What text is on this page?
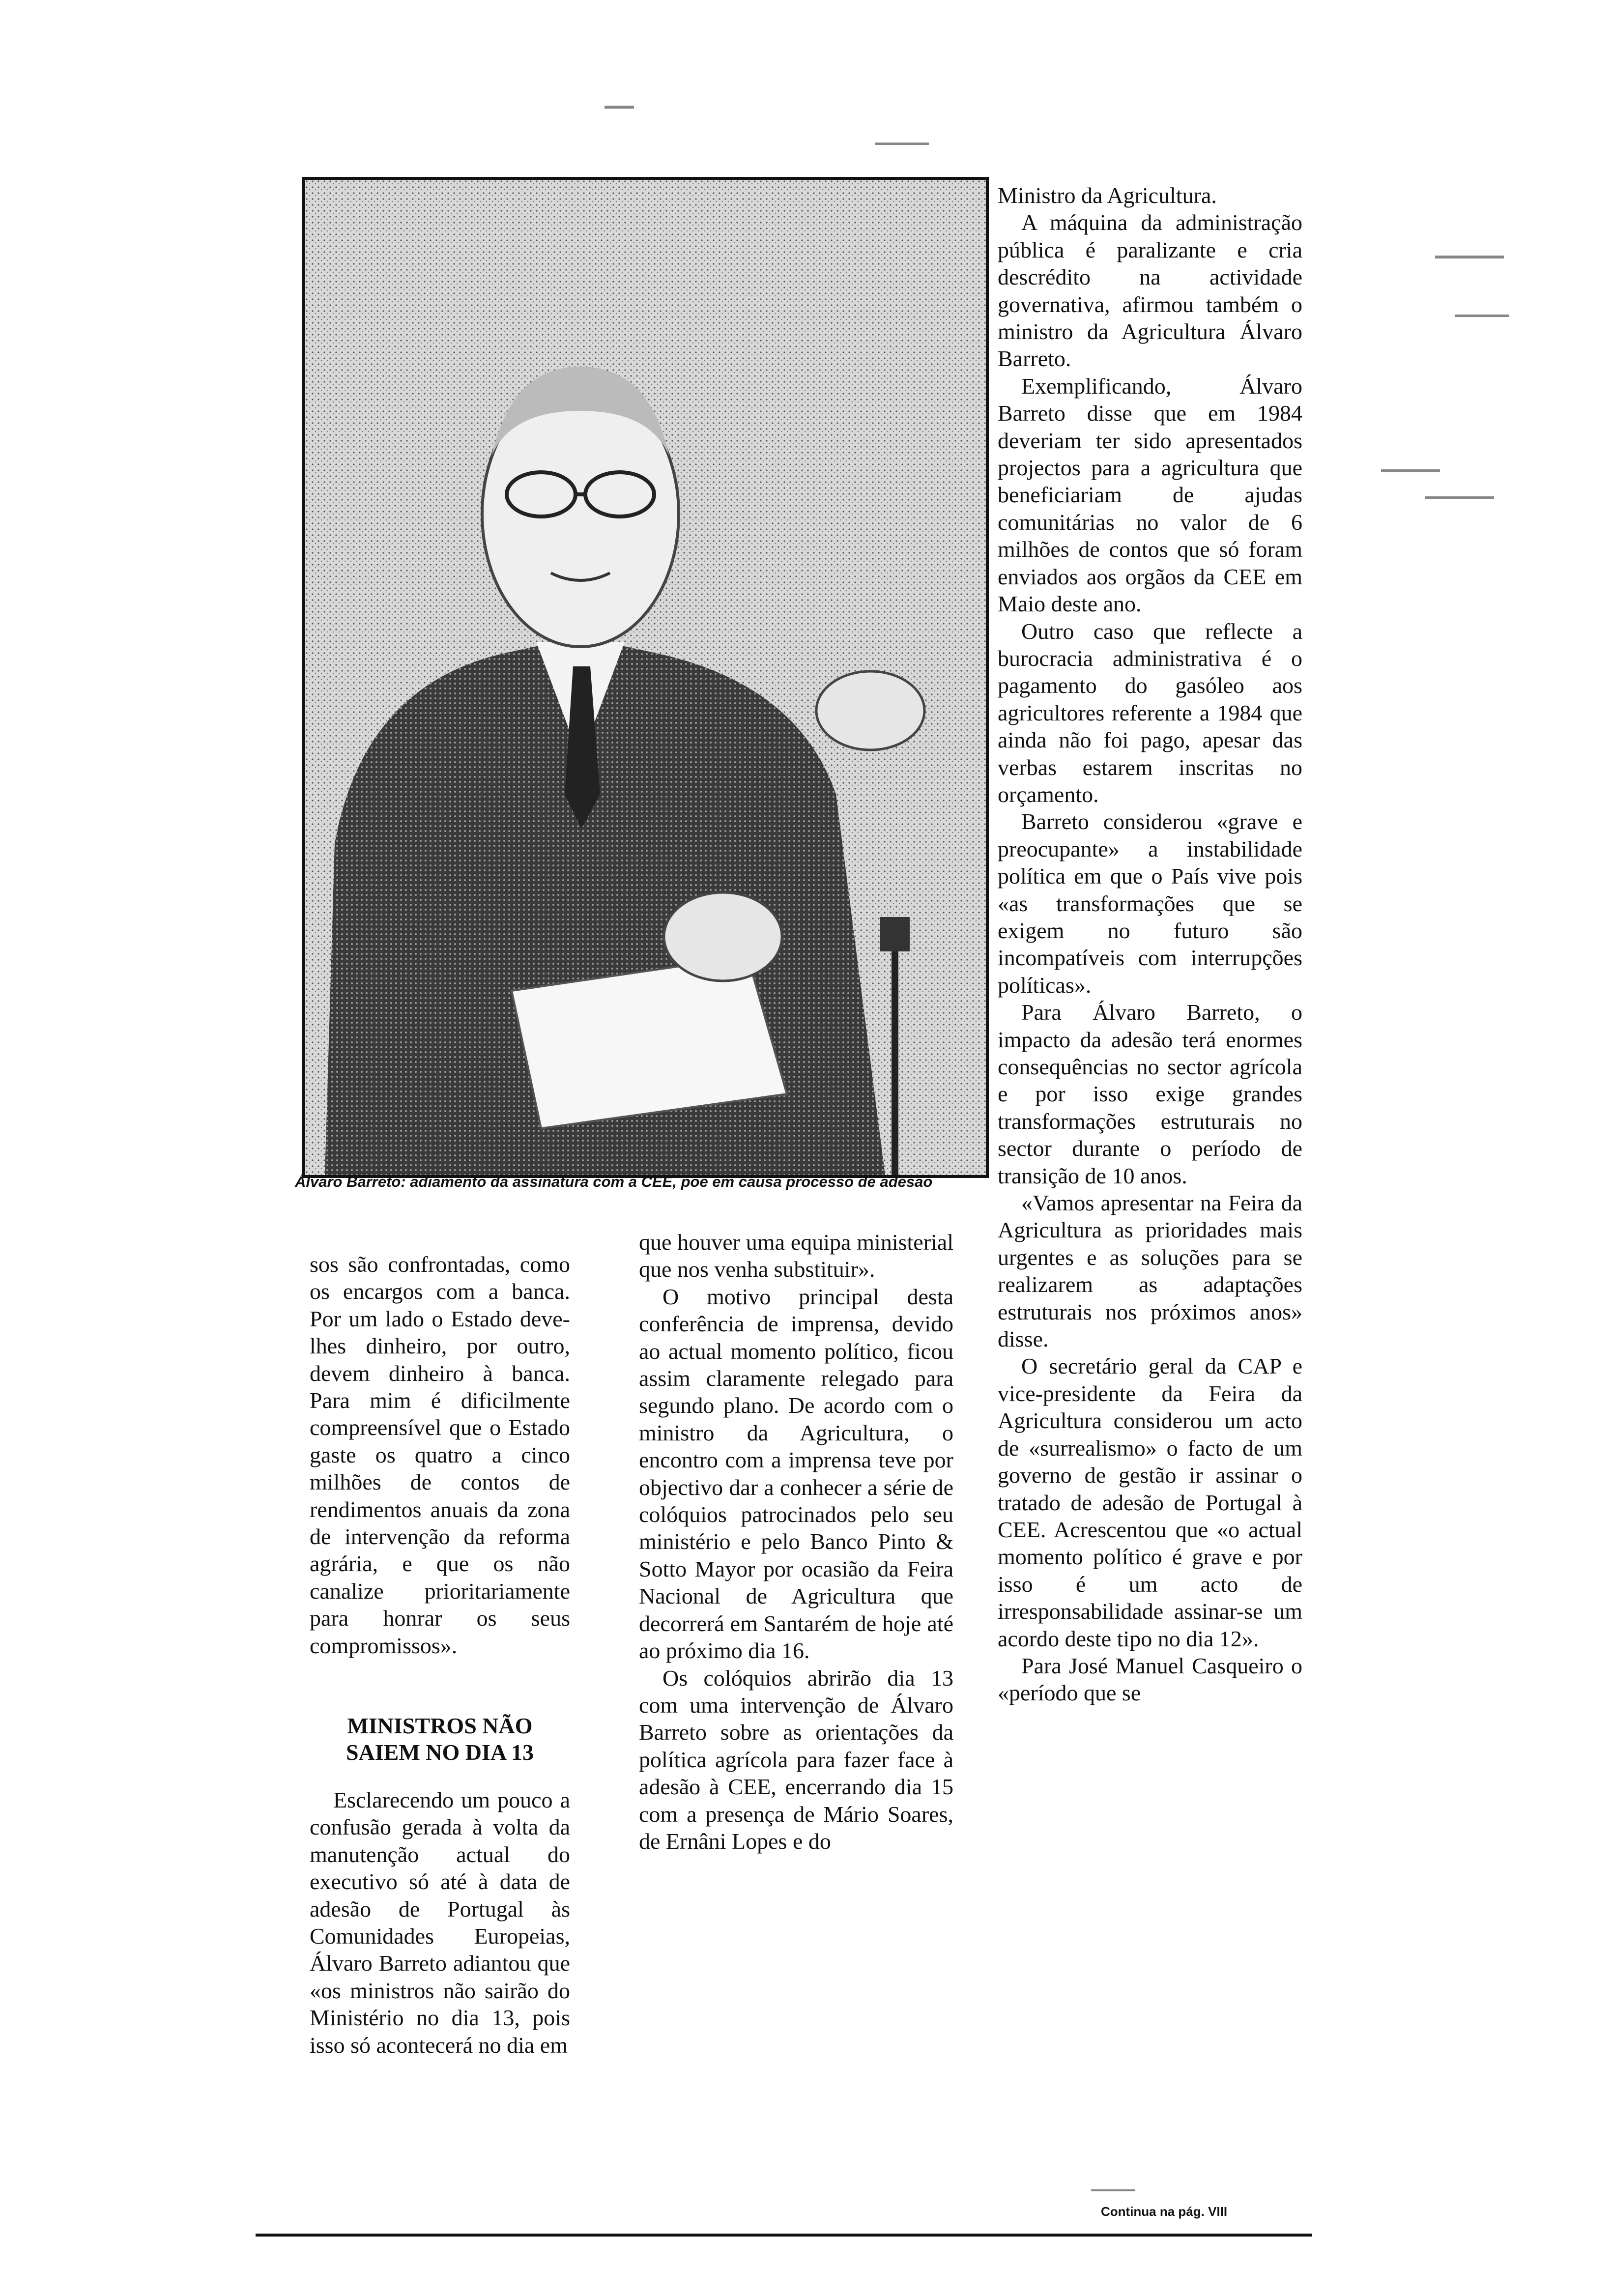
Álvaro Barreto: adiamento da assinatura com a CEE, põe em causa processo de adesão

sos são confrontadas, como os encargos com a banca. Por um lado o Estado deve-lhes dinheiro, por outro, devem dinheiro à banca. Para mim é dificilmente compreensível que o Estado gaste os quatro a cinco milhões de contos de rendimentos anuais da zona de intervenção da reforma agrária, e que os não canalize prioritariamente para honrar os seus compromissos».

MINISTROS NÃO
SAIEM NO DIA 13

Esclarecendo um pouco a confusão gerada à volta da manutenção actual do executivo só até à data de adesão de Portugal às Comunidades Europeias, Álvaro Barreto adiantou que «os ministros não sairão do Ministério no dia 13, pois isso só acontecerá no dia em

que houver uma equipa ministerial que nos venha substituir».

O motivo principal desta conferência de imprensa, devido ao actual momento político, ficou assim claramente relegado para segundo plano. De acordo com o ministro da Agricultura, o encontro com a imprensa teve por objectivo dar a conhecer a série de colóquios patrocinados pelo seu ministério e pelo Banco Pinto & Sotto Mayor por ocasião da Feira Nacional de Agricultura que decorrerá em Santarém de hoje até ao próximo dia 16.

Os colóquios abrirão dia 13 com uma intervenção de Álvaro Barreto sobre as orientações da política agrícola para fazer face à adesão à CEE, encerrando dia 15 com a presença de Mário Soares, de Ernâni Lopes e do

Ministro da Agricultura.

A máquina da administração pública é paralizante e cria descrédito na actividade governativa, afirmou também o ministro da Agricultura Álvaro Barreto.

Exemplificando, Álvaro Barreto disse que em 1984 deveriam ter sido apresentados projectos para a agricultura que beneficiariam de ajudas comunitárias no valor de 6 milhões de contos que só foram enviados aos orgãos da CEE em Maio deste ano.

Outro caso que reflecte a burocracia administrativa é o pagamento do gasóleo aos agricultores referente a 1984 que ainda não foi pago, apesar das verbas estarem inscritas no orçamento.

Barreto considerou «grave e preocupante» a instabilidade política em que o País vive pois «as transformações que se exigem no futuro são incompatíveis com interrupções políticas».

Para Álvaro Barreto, o impacto da adesão terá enormes consequências no sector agrícola e por isso exige grandes transformações estruturais no sector durante o período de transição de 10 anos.

«Vamos apresentar na Feira da Agricultura as prioridades mais urgentes e as soluções para se realizarem as adaptações estruturais nos próximos anos» disse.

O secretário geral da CAP e vice-presidente da Feira da Agricultura considerou um acto de «surrealismo» o facto de um governo de gestão ir assinar o tratado de adesão de Portugal à CEE. Acrescentou que «o actual momento político é grave e por isso é um acto de irresponsabilidade assinar-se um acordo deste tipo no dia 12».

Para José Manuel Casqueiro o «período que se

Continua na pág. VIII
